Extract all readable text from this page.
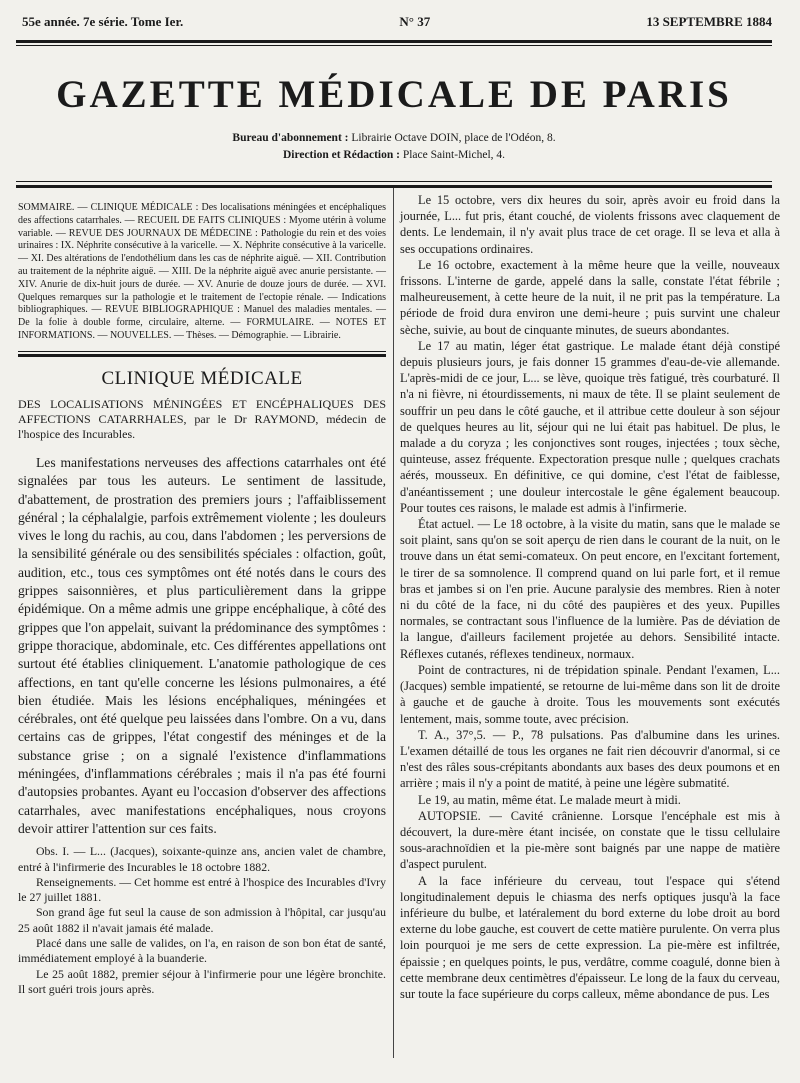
55e année. 7e série. Tome Ier.	N° 37	13 SEPTEMBRE 1884
GAZETTE MÉDICALE DE PARIS
Bureau d'abonnement : Librairie Octave DOIN, place de l'Odéon, 8.
Direction et Rédaction : Place Saint-Michel, 4.
SOMMAIRE. — CLINIQUE MÉDICALE : Des localisations méningées et encéphaliques des affections catarrhales. — RECUEIL DE FAITS CLINIQUES : Myome utérin à volume variable. — REVUE DES JOURNAUX DE MÉDECINE : Pathologie du rein et des voies urinaires : IX. Néphrite consécutive à la varicelle. — X. Néphrite consécutive à la varicelle. — XI. Des altérations de l'endothélium dans les cas de néphrite aiguë. — XII. Contribution au traitement de la néphrite aiguë. — XIII. De la néphrite aiguë avec anurie persistante. — XIV. Anurie de dix-huit jours de durée. — XV. Anurie de douze jours de durée. — XVI. Quelques remarques sur la pathologie et le traitement de l'ectopie rénale. — Indications bibliographiques. — REVUE BIBLIOGRAPHIQUE : Manuel des maladies mentales. — De la folie à double forme, circulaire, alterne. — FORMULAIRE. — NOTES ET INFORMATIONS. — NOUVELLES. — Thèses. — Démographie. — Librairie.
CLINIQUE MÉDICALE
DES LOCALISATIONS MÉNINGÉES ET ENCÉPHALIQUES DES AFFECTIONS CATARRHALES, par le Dr RAYMOND, médecin de l'hospice des Incurables.

Les manifestations nerveuses des affections catarrhales ont été signalées par tous les auteurs. Le sentiment de lassitude, d'abattement, de prostration des premiers jours ; l'affaiblissement général ; la céphalalgie, parfois extrêmement violente ; les douleurs vives le long du rachis, au cou, dans l'abdomen ; les perversions de la sensibilité générale ou des sensibilités spéciales : olfaction, goût, audition, etc., tous ces symptômes ont été notés dans le cours des grippes saisonnières, et plus particulièrement dans la grippe épidémique. On a même admis une grippe encéphalique, à côté des grippes que l'on appelait, suivant la prédominance des symptômes : grippe thoracique, abdominale, etc. Ces différentes appellations ont surtout été établies cliniquement. L'anatomie pathologique de ces affections, en tant qu'elle concerne les lésions pulmonaires, a été bien étudiée. Mais les lésions encéphaliques, méningées et cérébrales, ont été quelque peu laissées dans l'ombre. On a vu, dans certains cas de grippes, l'état congestif des méninges et de la substance grise ; on a signalé l'existence d'inflammations méningées, d'inflammations cérébrales ; mais il n'a pas été fourni d'autopsies probantes. Ayant eu l'occasion d'observer des affections catarrhales, avec manifestations encéphaliques, nous croyons devoir attirer l'attention sur ces faits.

Obs. I. — L... (Jacques), soixante-quinze ans, ancien valet de chambre, entré à l'infirmerie des Incurables le 18 octobre 1882.

Renseignements. — Cet homme est entré à l'hospice des Incurables d'Ivry le 27 juillet 1881.

Son grand âge fut seul la cause de son admission à l'hôpital, car jusqu'au 25 août 1882 il n'avait jamais été malade.

Placé dans une salle de valides, on l'a, en raison de son bon état de santé, immédiatement employé à la buanderie.

Le 25 août 1882, premier séjour à l'infirmerie pour une légère bronchite. Il sort guéri trois jours après.

Le 15 octobre, vers dix heures du soir, après avoir eu froid dans la journée, L... fut pris, étant couché, de violents frissons avec claquement de dents. Le lendemain, il n'y avait plus trace de cet orage. Il se leva et alla à ses occupations ordinaires.

Le 16 octobre, exactement à la même heure que la veille, nouveaux frissons. L'interne de garde, appelé dans la salle, constate l'état fébrile ; malheureusement, à cette heure de la nuit, il ne prit pas la température. La période de froid dura environ une demi-heure ; puis survint une chaleur sèche, suivie, au bout de cinquante minutes, de sueurs abondantes.

Le 17 au matin, léger état gastrique. Le malade étant déjà constipé depuis plusieurs jours, je fais donner 15 grammes d'eau-de-vie allemande. L'après-midi de ce jour, L... se lève, quoique très fatigué, très courbaturé. Il n'a ni fièvre, ni étourdissements, ni maux de tête. Il se plaint seulement de souffrir un peu dans le côté gauche, et il attribue cette douleur à son séjour de quelques heures au lit, séjour qui ne lui était pas habituel. De plus, le malade a du coryza ; les conjonctives sont rouges, injectées ; toux sèche, quinteuse, assez fréquente. Expectoration presque nulle ; quelques crachats aérés, mousseux. En définitive, ce qui domine, c'est l'état de faiblesse, d'anéantissement ; une douleur intercostale le gêne également beaucoup. Pour toutes ces raisons, le malade est admis à l'infirmerie.

État actuel. — Le 18 octobre, à la visite du matin, sans que le malade se soit plaint, sans qu'on se soit aperçu de rien dans le courant de la nuit, on le trouve dans un état semi-comateux. On peut encore, en l'excitant fortement, le tirer de sa somnolence. Il comprend quand on lui parle fort, et il remue bras et jambes si on l'en prie. Aucune paralysie des membres. Rien à noter ni du côté de la face, ni du côté des paupières et des yeux. Pupilles normales, se contractant sous l'influence de la lumière. Pas de déviation de la langue, d'ailleurs facilement projetée au dehors. Sensibilité intacte. Réflexes cutanés, réflexes tendineux, normaux.

Point de contractures, ni de trépidation spinale. Pendant l'examen, L... (Jacques) semble impatienté, se retourne de lui-même dans son lit de droite à gauche et de gauche à droite. Tous les mouvements sont exécutés lentement, mais, somme toute, avec précision.

T. A., 37°,5. — P., 78 pulsations. Pas d'albumine dans les urines. L'examen détaillé de tous les organes ne fait rien découvrir d'anormal, si ce n'est des râles sous-crépitants abondants aux bases des deux poumons et en arrière ; mais il n'y a point de matité, à peine une légère submatité.

Le 19, au matin, même état. Le malade meurt à midi.

AUTOPSIE. — Cavité crânienne. Lorsque l'encéphale est mis à découvert, la dure-mère étant incisée, on constate que le tissu cellulaire sous-arachnoïdien et la pie-mère sont baignés par une nappe de matière d'aspect purulent.

A la face inférieure du cerveau, tout l'espace qui s'étend longitudinalement depuis le chiasma des nerfs optiques jusqu'à la face inférieure du bulbe, et latéralement du bord externe du lobe droit au bord externe du lobe gauche, est couvert de cette matière purulente. On verra plus loin pourquoi je me sers de cette expression. La pie-mère est infiltrée, épaissie ; en quelques points, le pus, verdâtre, comme coagulé, donne bien à cette membrane deux centimètres d'épaisseur. Le long de la faux du cerveau, sur toute la face supérieure du corps calleux, même abondance de pus. Les
